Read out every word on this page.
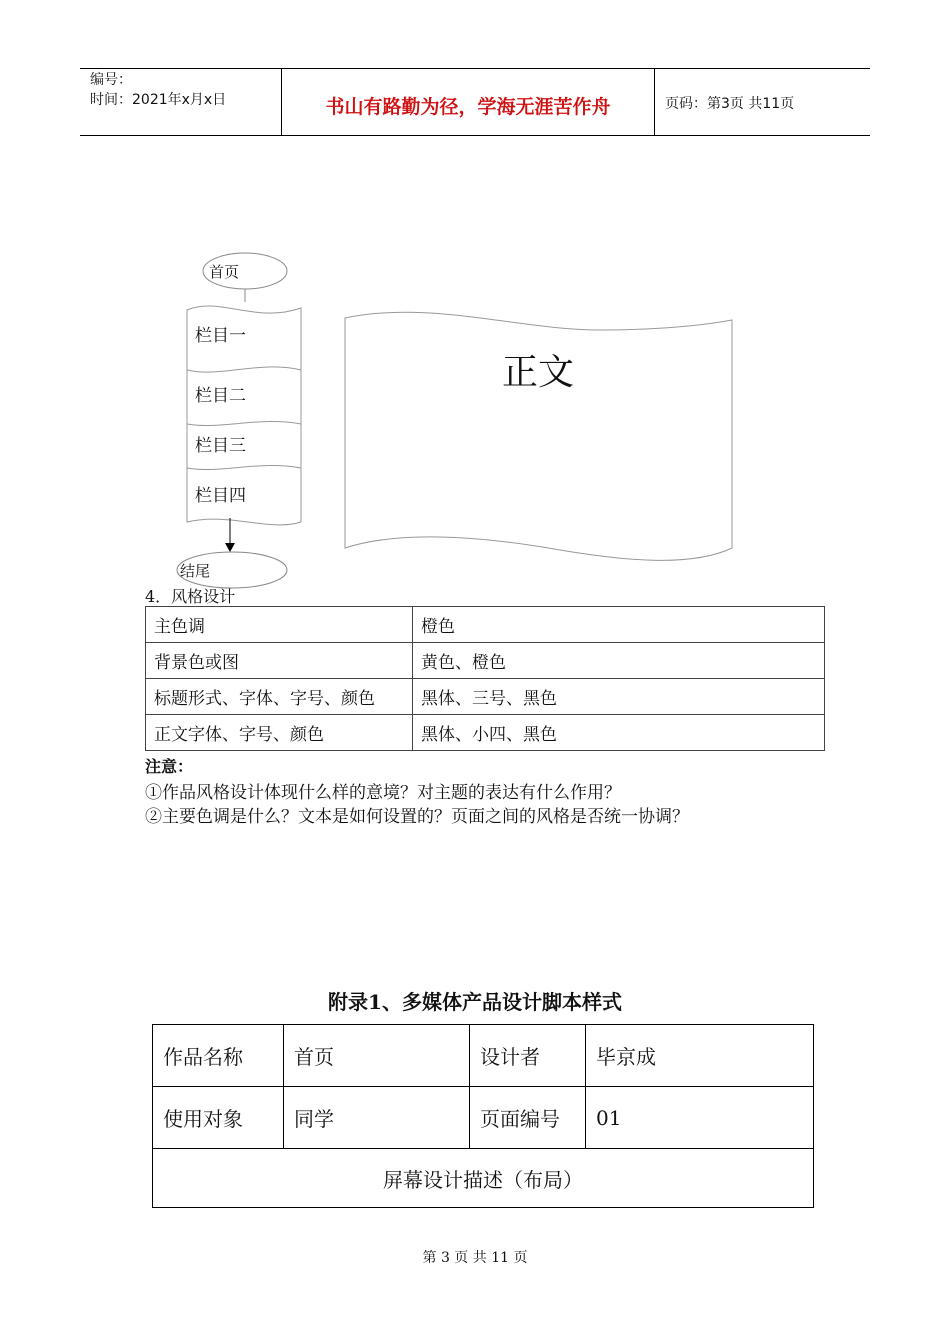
编号：
时间：2021年x月x日	书山有路勤为径，学海无涯苦作舟	页码：第3页 共11页
首页
栏目一
栏目二
栏目三
栏目四
结尾
正文
4．风格设计
主色调	橙色
背景色或图	黄色、橙色
标题形式、字体、字号、颜色	黑体、三号、黑色
正文字体、字号、颜色	黑体、小四、黑色
注意：
①作品风格设计体现什么样的意境？对主题的表达有什么作用？
②主要色调是什么？文本是如何设置的？页面之间的风格是否统一协调？
附录1、多媒体产品设计脚本样式
作品名称	首页	设计者	毕京成
使用对象	同学	页面编号	01
屏幕设计描述（布局）			
第 3 页 共 11 页
